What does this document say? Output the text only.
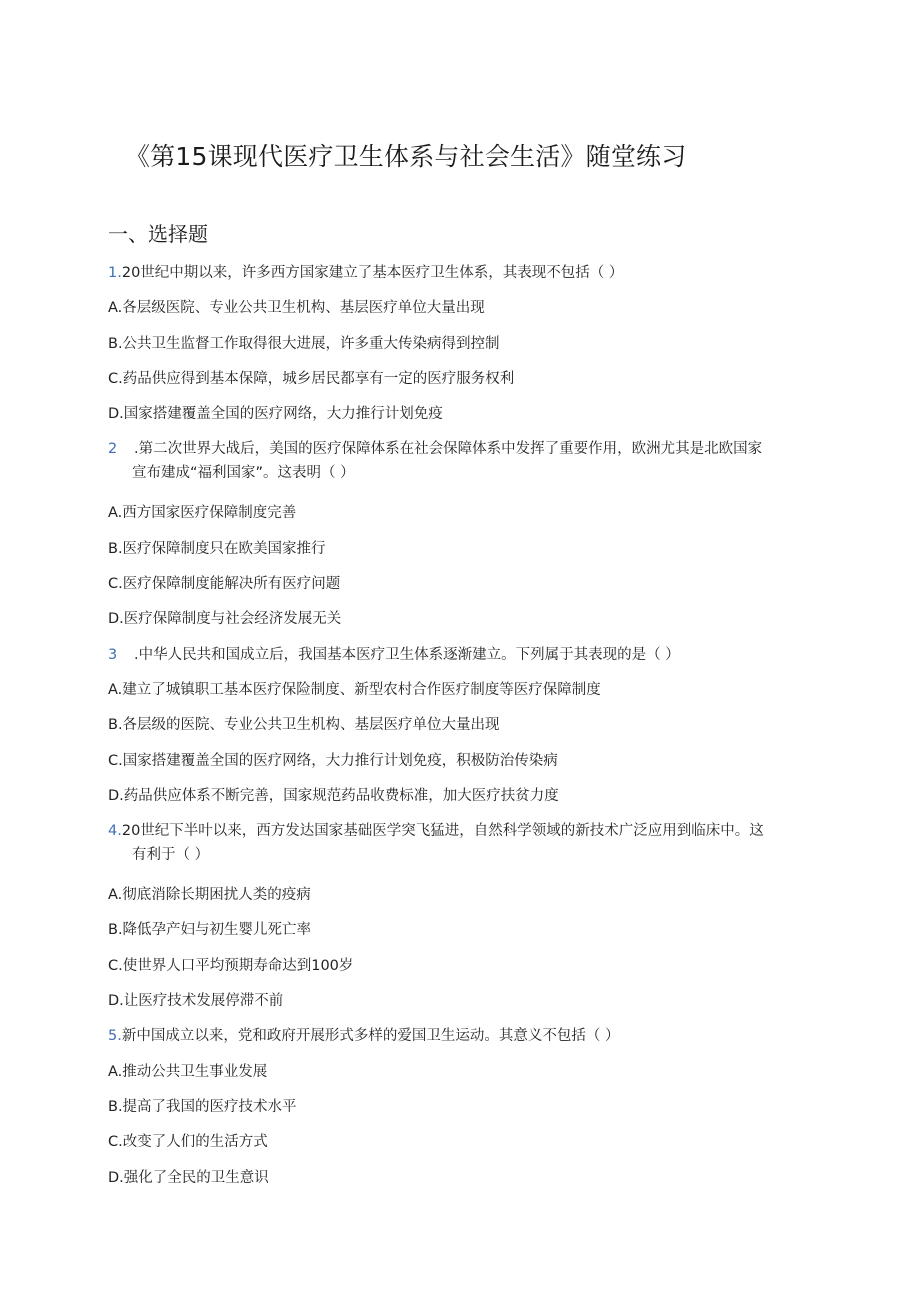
《第15课现代医疗卫生体系与社会生活》随堂练习
一、选择题
1.20世纪中期以来，许多西方国家建立了基本医疗卫生体系，其表现不包括（ ）
A.各层级医院、专业公共卫生机构、基层医疗单位大量出现
B.公共卫生监督工作取得很大进展，许多重大传染病得到控制
C.药品供应得到基本保障，城乡居民都享有一定的医疗服务权利
D.国家搭建覆盖全国的医疗网络，大力推行计划免疫
2	.第二次世界大战后，美国的医疗保障体系在社会保障体系中发挥了重要作用，欧洲尤其是北欧国家
宣布建成“福利国家”。这表明（ ）
A.西方国家医疗保障制度完善
B.医疗保障制度只在欧美国家推行
C.医疗保障制度能解决所有医疗问题
D.医疗保障制度与社会经济发展无关
3	.中华人民共和国成立后，我国基本医疗卫生体系逐渐建立。下列属于其表现的是（ ）
A.建立了城镇职工基本医疗保险制度、新型农村合作医疗制度等医疗保障制度
B.各层级的医院、专业公共卫生机构、基层医疗单位大量出现
C.国家搭建覆盖全国的医疗网络，大力推行计划免疫，积极防治传染病
D.药品供应体系不断完善，国家规范药品收费标准，加大医疗扶贫力度
4.20世纪下半叶以来，西方发达国家基础医学突飞猛进，自然科学领域的新技术广泛应用到临床中。这
有利于（ ）
A.彻底消除长期困扰人类的疫病
B.降低孕产妇与初生婴儿死亡率
C.使世界人口平均预期寿命达到100岁
D.让医疗技术发展停滞不前
5.新中国成立以来，党和政府开展形式多样的爱国卫生运动。其意义不包括（ ）
A.推动公共卫生事业发展
B.提高了我国的医疗技术水平
C.改变了人们的生活方式
D.强化了全民的卫生意识
